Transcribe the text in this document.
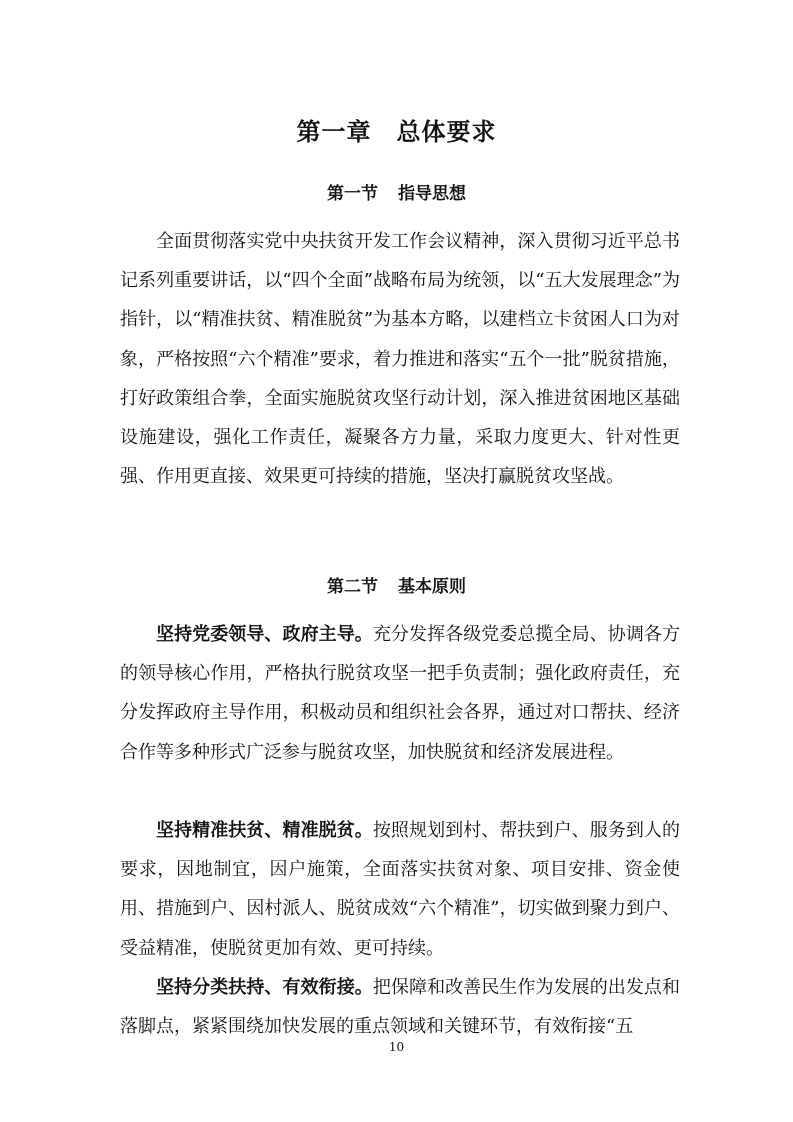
第一章　总体要求
第一节 指导思想

全面贯彻落实党中央扶贫开发工作会议精神，深入贯彻习近平总书记系列重要讲话，以“四个全面”战略布局为统领，以“五大发展理念”为指针，以“精准扶贫、精准脱贫”为基本方略，以建档立卡贫困人口为对象，严格按照“六个精准”要求，着力推进和落实“五个一批”脱贫措施，打好政策组合拳，全面实施脱贫攻坚行动计划，深入推进贫困地区基础设施建设，强化工作责任，凝聚各方力量，采取力度更大、针对性更强、作用更直接、效果更可持续的措施，坚决打赢脱贫攻坚战。

第二节 基本原则

坚持党委领导、政府主导。充分发挥各级党委总揽全局、协调各方的领导核心作用，严格执行脱贫攻坚一把手负责制；强化政府责任，充分发挥政府主导作用，积极动员和组织社会各界，通过对口帮扶、经济合作等多种形式广泛参与脱贫攻坚，加快脱贫和经济发展进程。

坚持精准扶贫、精准脱贫。按照规划到村、帮扶到户、服务到人的要求，因地制宜，因户施策，全面落实扶贫对象、项目安排、资金使用、措施到户、因村派人、脱贫成效“六个精准”，切实做到聚力到户、受益精准，使脱贫更加有效、更可持续。

坚持分类扶持、有效衔接。把保障和改善民生作为发展的出发点和落脚点，紧紧围绕加快发展的重点领域和关键环节，有效衔接“五

10
